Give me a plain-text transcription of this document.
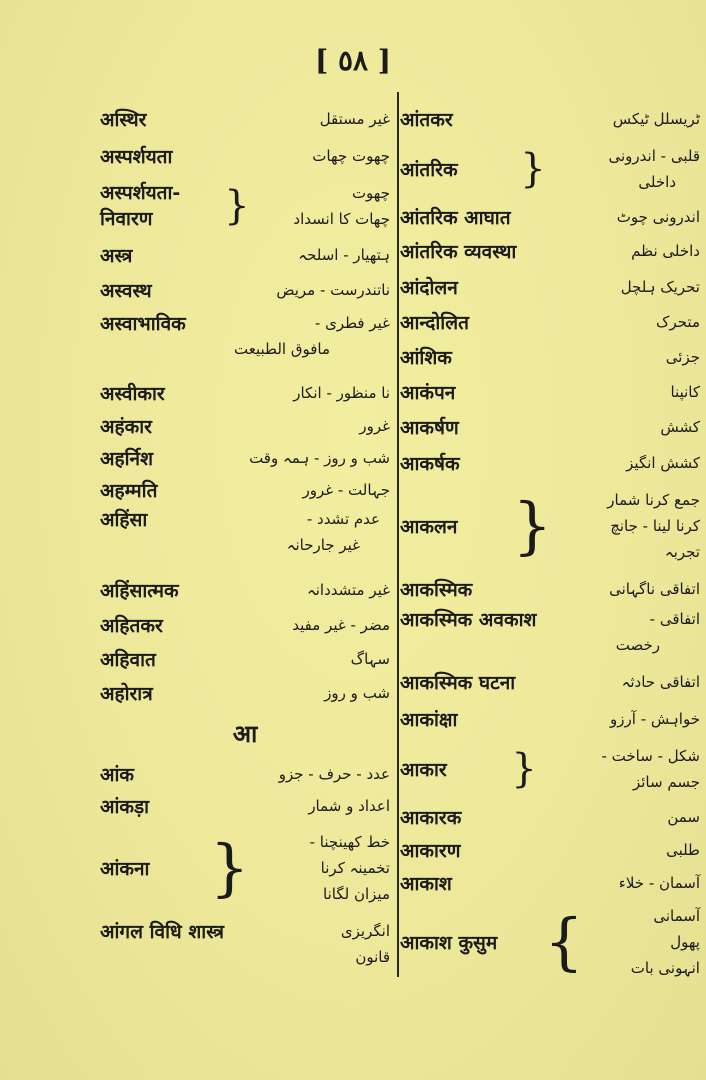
[ ٥٨ ]
अस्थिर	غیر مستقل
अस्पर्शयता	چھوت چھات
अस्पर्शयता-
निवारण	}	چھوت
چھات کا انسداد
अस्त्र	ہتھیار - اسلحہ
अस्वस्थ	ناتندرست - مریض
अस्वाभाविक	غیر فطری -
مافوق الطبیعت
अस्वीकार	نا منظور - انکار
अहंकार	غرور
अहर्निश	شب و روز - ہمہ وقت
अहम्मति	جہالت - غرور
अहिंसा	عدم تشدد -
غیر جارحانہ
अहिंसात्मक	غیر متشددانہ
अहितकर	مضر - غیر مفید
अहिवात	سہاگ
अहोरात्र	شب و روز
आ
आंक	عدد - حرف - جزو
आंकड़ा	اعداد و شمار
आंकना }	خط کھینچنا -
تخمینہ کرنا
میزان لگانا
आंगल विधि शास्त्र	انگریزی
قانون
आंतकर	ٹریسلل ٹیکس
आंतरिक }	قلبی - اندرونی
داخلی
आंतरिक आघात	اندرونی چوٹ
आंतरिक व्यवस्था	داخلی نظم
आंदोलन	تحریک ہلچل
आन्दोलित	متحرک
आंशिक	جزئی
आकंपन	کانپنا
आकर्षण	کشش
आकर्षक	کشش انگیز
आकलन }	جمع کرنا شمار
کرنا لینا - جانچ
تجربہ
आकस्मिक	اتفاقی ناگہانی
आकस्मिक अवकाश	اتفاقی -
رخصت
आकस्मिक घटना	اتفاقی حادثہ
आकांक्षा	خواہش - آرزو
आकार }	شکل - ساخت -
جسم سائز
आकारक	سمن
आकारण	طلبی
आकाश	آسمان - خلاء
आकाश कुसुम {	آسمانی
پھول
انہونی بات
